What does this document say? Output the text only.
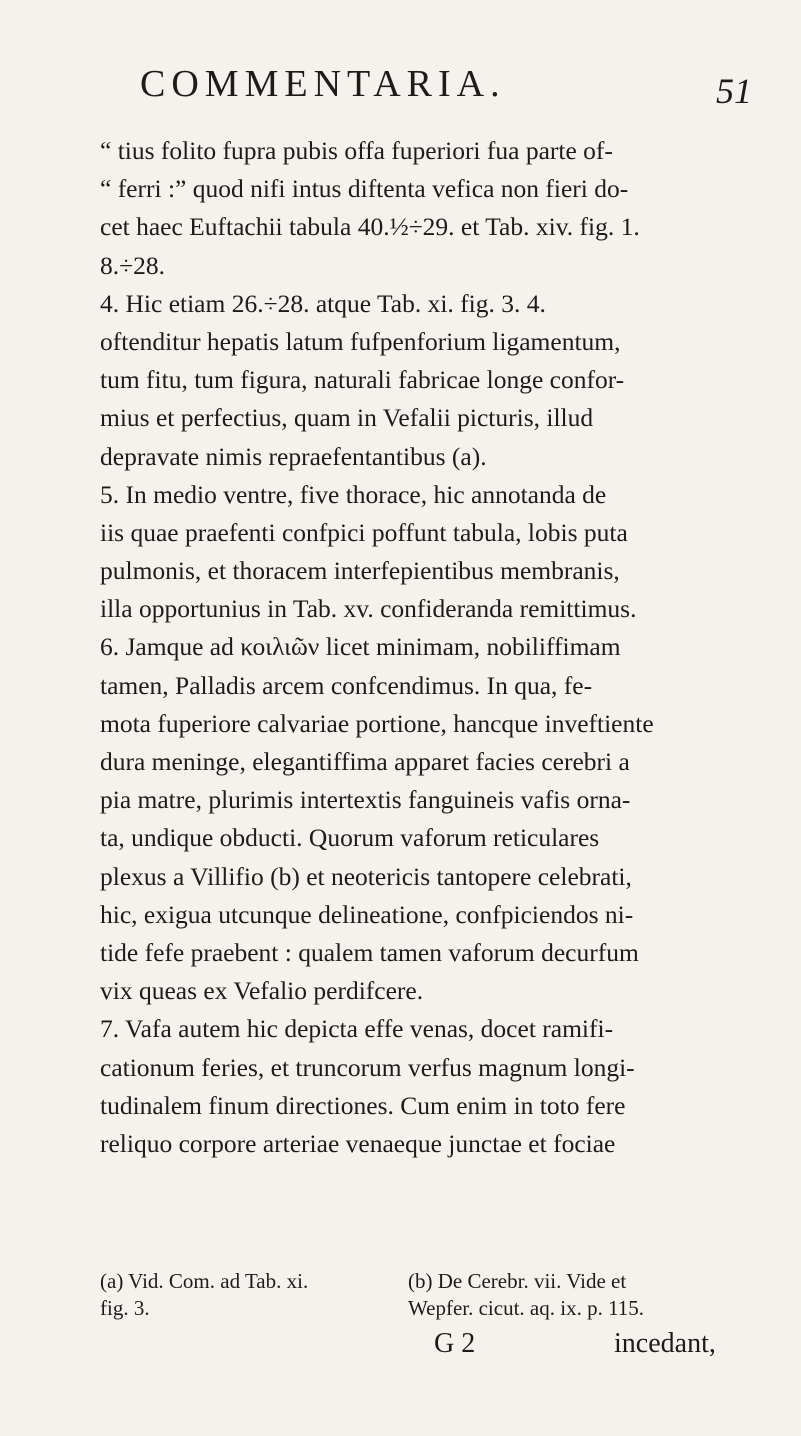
COMMENTARIA.	51
“ tius folito fupra pubis offa fuperiori fua parte of-
“ ferri :” quod nifi intus diftenta vefica non fieri do-
cet haec Euftachii tabula 40.½÷29. et Tab. xiv. fig. 1.
8.÷28.
4. Hic etiam 26.÷28. atque Tab. xi. fig. 3. 4.
oftenditur hepatis latum fufpenforium ligamentum,
tum fitu, tum figura, naturali fabricae longe confor-
mius et perfectius, quam in Vefalii picturis, illud
depravate nimis repraefentantibus (a).
5. In medio ventre, five thorace, hic annotanda de
iis quae praefenti confpici poffunt tabula, lobis puta
pulmonis, et thoracem interfepientibus membranis,
illa opportunius in Tab. xv. confideranda remittimus.
6. Jamque ad κοιλιῶν licet minimam, nobiliffimam
tamen, Palladis arcem confcendimus. In qua, fe-
mota fuperiore calvariae portione, hancque inveftiente
dura meninge, elegantiffima apparet facies cerebri a
pia matre, plurimis intertextis fanguineis vafis orna-
ta, undique obducti. Quorum vaforum reticulares
plexus a Villifio (b) et neotericis tantopere celebrati,
hic, exigua utcunque delineatione, confpiciendos ni-
tide fefe praebent : qualem tamen vaforum decurfum
vix queas ex Vefalio perdifcere.
7. Vafa autem hic depicta effe venas, docet ramifi-
cationum feries, et truncorum verfus magnum longi-
tudinalem finum directiones. Cum enim in toto fere
reliquo corpore arteriae venaeque junctae et fociae
(a) Vid. Com. ad Tab. xi.	(b) De Cerebr. vii. Vide et
fig. 3.	Wepfer. cicut. aq. ix. p. 115.
G 2	incedant,
